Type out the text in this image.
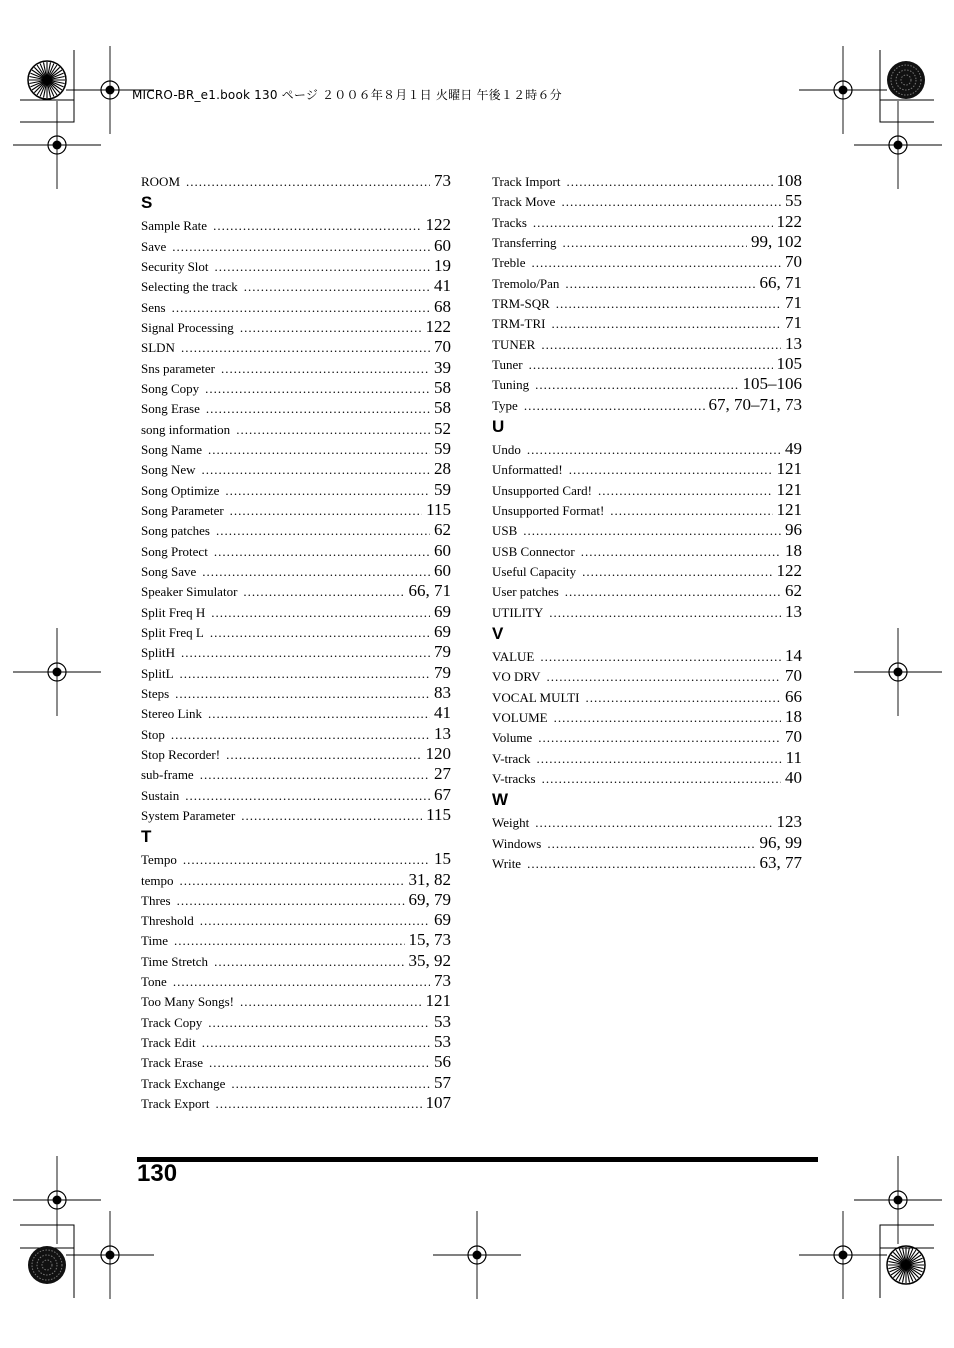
MICRO-BR_e1.book 130 ページ ２００６年８月１日 火曜日 午後１２時６分
ROOM .....	73
S
Sample Rate .....	122
Save .....	60
Security Slot .....	19
Selecting the track .....	41
Sens .....	68
Signal Processing .....	122
SLDN .....	70
Sns parameter .....	39
Song Copy .....	58
Song Erase .....	58
song information .....	52
Song Name .....	59
Song New .....	28
Song Optimize .....	59
Song Parameter .....	115
Song patches .....	62
Song Protect .....	60
Song Save .....	60
Speaker Simulator .....	66, 71
Split Freq H .....	69
Split Freq L .....	69
SplitH .....	79
SplitL .....	79
Steps .....	83
Stereo Link .....	41
Stop .....	13
Stop Recorder! .....	120
sub-frame .....	27
Sustain .....	67
System Parameter .....	115
T
Tempo .....	15
tempo .....	31, 82
Thres .....	69, 79
Threshold .....	69
Time .....	15, 73
Time Stretch .....	35, 92
Tone .....	73
Too Many Songs! .....	121
Track Copy .....	53
Track Edit .....	53
Track Erase .....	56
Track Exchange .....	57
Track Export .....	107
Track Import .....	108
Track Move .....	55
Tracks .....	122
Transferring .....	99, 102
Treble .....	70
Tremolo/Pan .....	66, 71
TRM-SQR .....	71
TRM-TRI .....	71
TUNER .....	13
Tuner .....	105
Tuning .....	105–106
Type .....	67, 70–71, 73
U
Undo .....	49
Unformatted! .....	121
Unsupported Card! .....	121
Unsupported Format! .....	121
USB .....	96
USB Connector .....	18
Useful Capacity .....	122
User patches .....	62
UTILITY .....	13
V
VALUE .....	14
VO DRV .....	70
VOCAL MULTI .....	66
VOLUME .....	18
Volume .....	70
V-track .....	11
V-tracks .....	40
W
Weight .....	123
Windows .....	96, 99
Write .....	63, 77
130
